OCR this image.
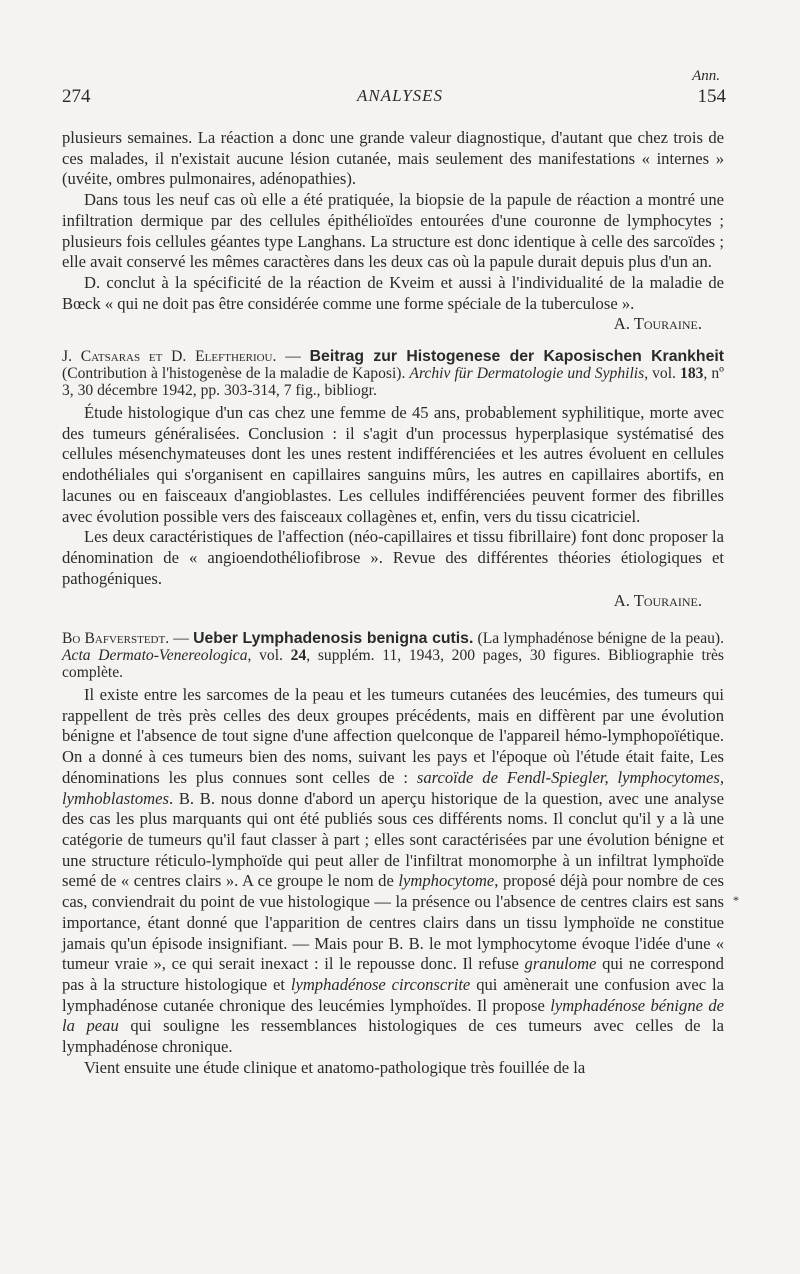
Ann.
274	ANALYSES	154

plusieurs semaines. La réaction a donc une grande valeur diagnostique, d'autant que chez trois de ces malades, il n'existait aucune lésion cutanée, mais seulement des manifestations « internes » (uvéite, ombres pulmonaires, adénopathies).

Dans tous les neuf cas où elle a été pratiquée, la biopsie de la papule de réaction a montré une infiltration dermique par des cellules épithélioïdes entourées d'une couronne de lymphocytes ; plusieurs fois cellules géantes type Langhans. La structure est donc identique à celle des sarcoïdes ; elle avait conservé les mêmes caractères dans les deux cas où la papule durait depuis plus d'un an.

D. conclut à la spécificité de la réaction de Kveim et aussi à l'individualité de la maladie de Bœck « qui ne doit pas être considérée comme une forme spéciale de la tuberculose ».

A. Touraine.

J. Catsaras et D. Eleftheriou. — Beitrag zur Histogenese der Kaposischen Krankheit (Contribution à l'histogenèse de la maladie de Kaposi). Archiv für Dermatologie und Syphilis, vol. 183, nº 3, 30 décembre 1942, pp. 303-314, 7 fig., bibliogr.

Étude histologique d'un cas chez une femme de 45 ans, probablement syphilitique, morte avec des tumeurs généralisées. Conclusion : il s'agit d'un processus hyperplasique systématisé des cellules mésenchymateuses dont les unes restent indifférenciées et les autres évoluent en cellules endothéliales qui s'organisent en capillaires sanguins mûrs, les autres en capillaires abortifs, en lacunes ou en faisceaux d'angioblastes. Les cellules indifférenciées peuvent former des fibrilles avec évolution possible vers des faisceaux collagènes et, enfin, vers du tissu cicatriciel.

Les deux caractéristiques de l'affection (néo-capillaires et tissu fibrillaire) font donc proposer la dénomination de « angioendothéliofibrose ». Revue des différentes théories étiologiques et pathogéniques.

A. Touraine.

Bo Bafverstedt. — Ueber Lymphadenosis benigna cutis. (La lymphadénose bénigne de la peau). Acta Dermato-Venereologica, vol. 24, supplém. 11, 1943, 200 pages, 30 figures. Bibliographie très complète.

Il existe entre les sarcomes de la peau et les tumeurs cutanées des leucémies, des tumeurs qui rappellent de très près celles des deux groupes précédents, mais en diffèrent par une évolution bénigne et l'absence de tout signe d'une affection quelconque de l'appareil hémo-lymphopoïétique. On a donné à ces tumeurs bien des noms, suivant les pays et l'époque où l'étude était faite, Les dénominations les plus connues sont celles de : sarcoïde de Fendl-Spiegler, lymphocytomes, lymhoblastomes. B. B. nous donne d'abord un aperçu historique de la question, avec une analyse des cas les plus marquants qui ont été publiés sous ces différents noms. Il conclut qu'il y a là une catégorie de tumeurs qu'il faut classer à part ; elles sont caractérisées par une évolution bénigne et une structure réticulo-lymphoïde qui peut aller de l'infiltrat monomorphe à un infiltrat lymphoïde semé de « centres clairs ». A ce groupe le nom de lymphocytome, proposé déjà pour nombre de ces cas, conviendrait du point de vue histologique — la présence ou l'absence de centres clairs est sans importance, étant donné que l'apparition de centres clairs dans un tissu lymphoïde ne constitue jamais qu'un épisode insignifiant. — Mais pour B. B. le mot lymphocytome évoque l'idée d'une « tumeur vraie », ce qui serait inexact : il le repousse donc. Il refuse granulome qui ne correspond pas à la structure histologique et lymphadénose circonscrite qui amènerait une confusion avec la lymphadénose cutanée chronique des leucémies lymphoïdes. Il propose lymphadénose bénigne de la peau qui souligne les ressemblances histologiques de ces tumeurs avec celles de la lymphadénose chronique.

Vient ensuite une étude clinique et anatomo-pathologique très fouillée de la

*
